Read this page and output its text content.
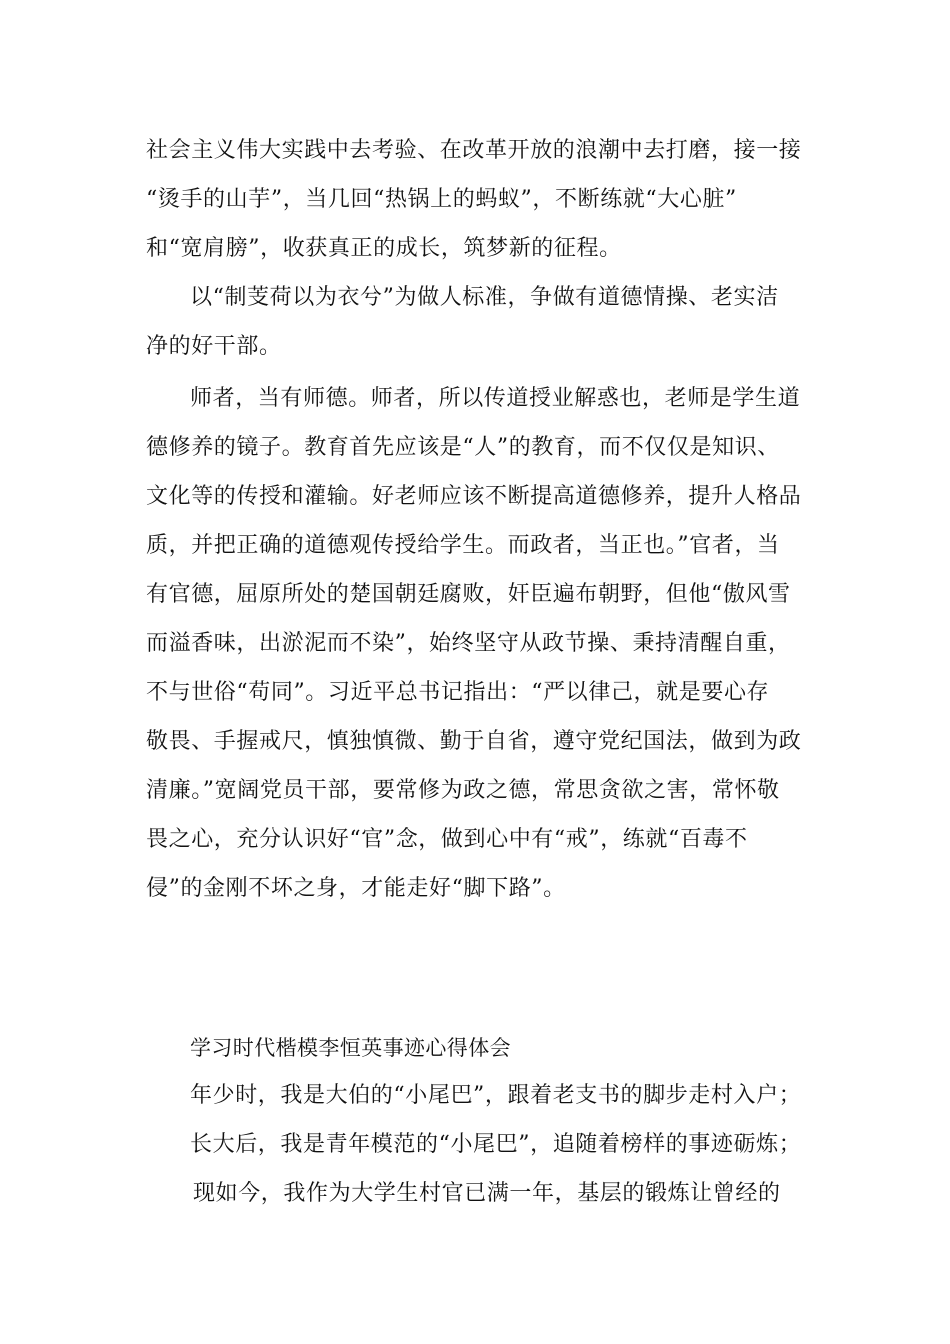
社会主义伟大实践中去考验、在改革开放的浪潮中去打磨，接一接
“烫手的山芋”，当几回“热锅上的蚂蚁”，不断练就“大心脏”
和“宽肩膀”，收获真正的成长，筑梦新的征程。
以“制芰荷以为衣兮”为做人标准，争做有道德情操、老实洁
净的好干部。
师者，当有师德。师者，所以传道授业解惑也，老师是学生道
德修养的镜子。教育首先应该是“人”的教育，而不仅仅是知识、
文化等的传授和灌输。好老师应该不断提高道德修养，提升人格品
质，并把正确的道德观传授给学生。而政者，当正也。”官者，当
有官德，屈原所处的楚国朝廷腐败，奸臣遍布朝野，但他“傲风雪
而溢香味，出淤泥而不染”，始终坚守从政节操、秉持清醒自重，
不与世俗“苟同”。习近平总书记指出：“严以律己，就是要心存
敬畏、手握戒尺，慎独慎微、勤于自省，遵守党纪国法，做到为政
清廉。”宽阔党员干部，要常修为政之德，常思贪欲之害，常怀敬
畏之心，充分认识好“官”念，做到心中有“戒”，练就“百毒不
侵”的金刚不坏之身，才能走好“脚下路”。
学习时代楷模李恒英事迹心得体会
年少时，我是大伯的“小尾巴”，跟着老支书的脚步走村入户；
长大后，我是青年模范的“小尾巴”，追随着榜样的事迹砺炼；
现如今，我作为大学生村官已满一年，基层的锻炼让曾经的
